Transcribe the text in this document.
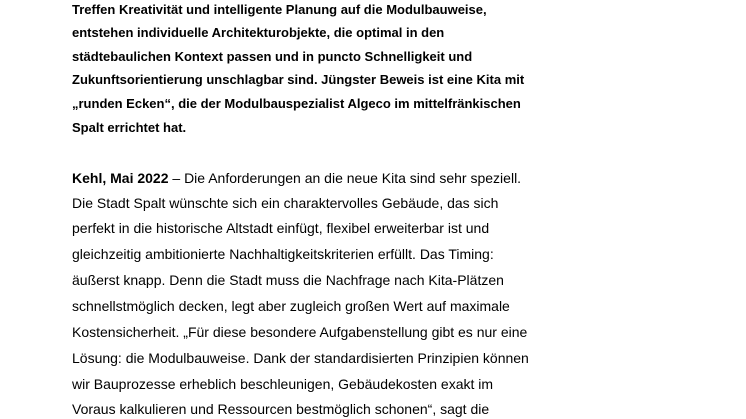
Treffen Kreativität und intelligente Planung auf die Modulbauweise,
entstehen individuelle Architekturobjekte, die optimal in den
städtebaulichen Kontext passen und in puncto Schnelligkeit und
Zukunftsorientierung unschlagbar sind. Jüngster Beweis ist eine Kita mit
„runden Ecken“, die der Modulbauspezialist Algeco im mittelfränkischen
Spalt errichtet hat.
Kehl, Mai 2022 – Die Anforderungen an die neue Kita sind sehr speziell.
Die Stadt Spalt wünschte sich ein charaktervolles Gebäude, das sich
perfekt in die historische Altstadt einfügt, flexibel erweiterbar ist und
gleichzeitig ambitionierte Nachhaltigkeitskriterien erfüllt. Das Timing:
äußerst knapp. Denn die Stadt muss die Nachfrage nach Kita-Plätzen
schnellstmöglich decken, legt aber zugleich großen Wert auf maximale
Kostensicherheit. „Für diese besondere Aufgabenstellung gibt es nur eine
Lösung: die Modulbauweise. Dank der standardisierten Prinzipien können
wir Bauprozesse erheblich beschleunigen, Gebäudekosten exakt im
Voraus kalkulieren und Ressourcen bestmöglich schonen“, sagt die
